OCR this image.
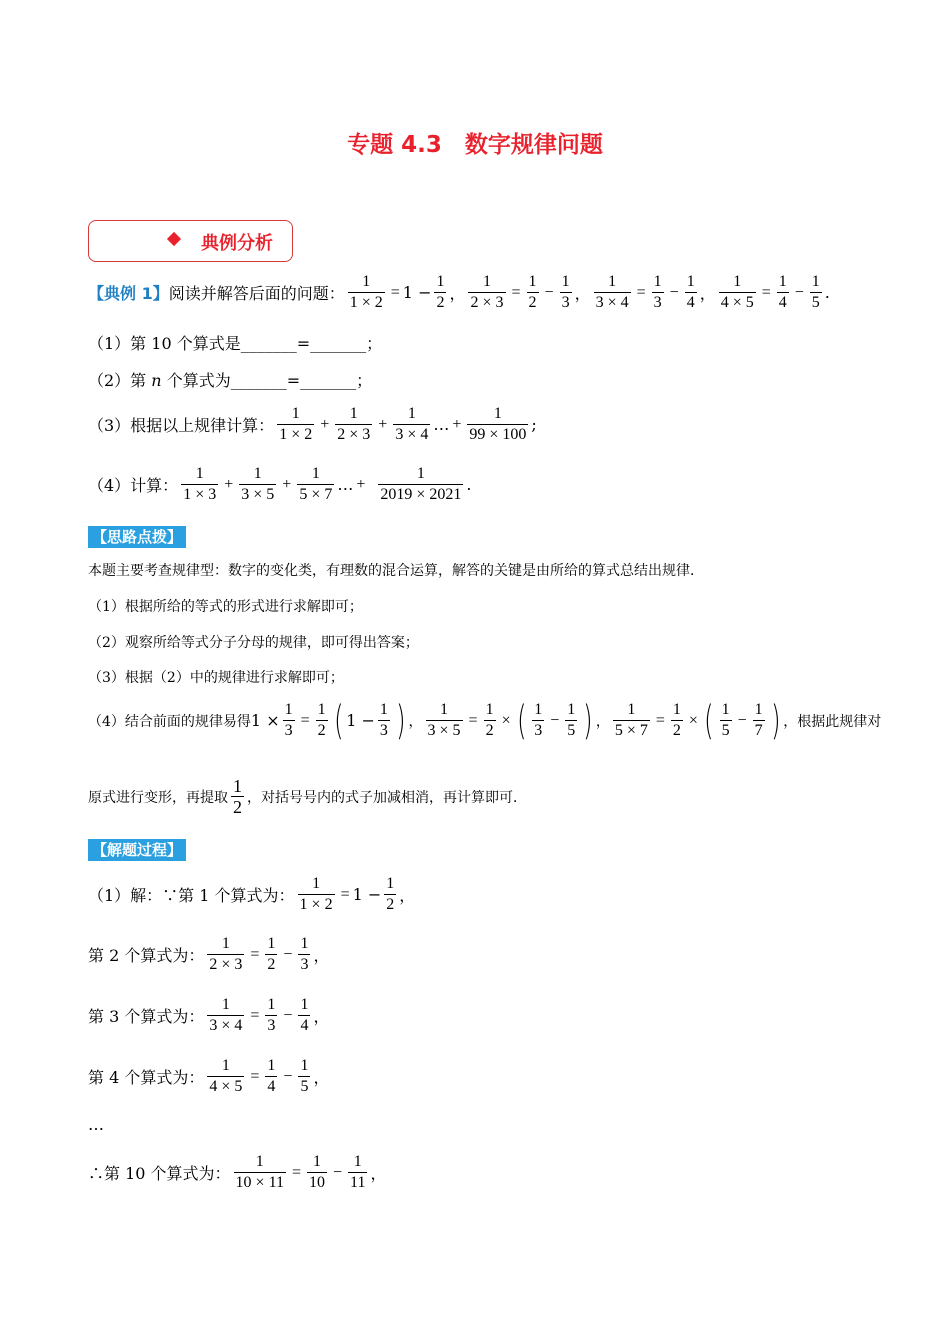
专题 4.3　数字规律问题
典例分析
【典例 1】 阅读并解答后面的问题： $\frac{1}{1 \times 2} = 1 - \frac{1}{2}$ ， $\frac{1}{2 \times 3} = \frac{1}{2} - \frac{1}{3}$ ， $\frac{1}{3 \times 4} = \frac{1}{3} - \frac{1}{4}$ ， $\frac{1}{4 \times 5} = \frac{1}{4} - \frac{1}{5}$ .
（1）第 10 个算式是_______=_______；
（2）第 n 个算式为_______=_______；
（3）根据以上规律计算： $\frac{1}{1 \times 2} + \frac{1}{2 \times 3} + \frac{1}{3 \times 4}$ … + $\frac{1}{99 \times 100}$ ;
（4）计算： $\frac{1}{1 \times 3} + \frac{1}{3 \times 5} + \frac{1}{5 \times 7}$ … + $\frac{1}{2019 \times 2021}$ .
【思路点拨】
本题主要考查规律型：数字的变化类，有理数的混合运算，解答的关键是由所给的算式总结出规律．
（1）根据所给的等式的形式进行求解即可；
（2）观察所给等式分子分母的规律，即可得出答案；
（3）根据（2）中的规律进行求解即可；
（4）结合前面的规律易得 $1 \times \frac{1}{3} = \frac{1}{2}$ ( $1 - \frac{1}{3}$ ) ， $\frac{1}{3 \times 5} = \frac{1}{2}$ × ( $\frac{1}{3} - \frac{1}{5}$ ) ， $\frac{1}{5 \times 7} = \frac{1}{2}$ × ( $\frac{1}{5} - \frac{1}{7}$ ) ，根据此规律对
原式进行变形，再提取 $\frac{1}{2}$ ，对括号号内的式子加减相消，再计算即可．
【解题过程】
（1）解：∵第 1 个算式为： $\frac{1}{1 \times 2} = 1 - \frac{1}{2}$ ，
第 2 个算式为： $\frac{1}{2 \times 3} = \frac{1}{2} - \frac{1}{3}$ ，
第 3 个算式为： $\frac{1}{3 \times 4} = \frac{1}{3} - \frac{1}{4}$ ，
第 4 个算式为： $\frac{1}{4 \times 5} = \frac{1}{4} - \frac{1}{5}$ ，
…
∴第 10 个算式为： $\frac{1}{10 \times 11} = \frac{1}{10} - \frac{1}{11}$ ，
